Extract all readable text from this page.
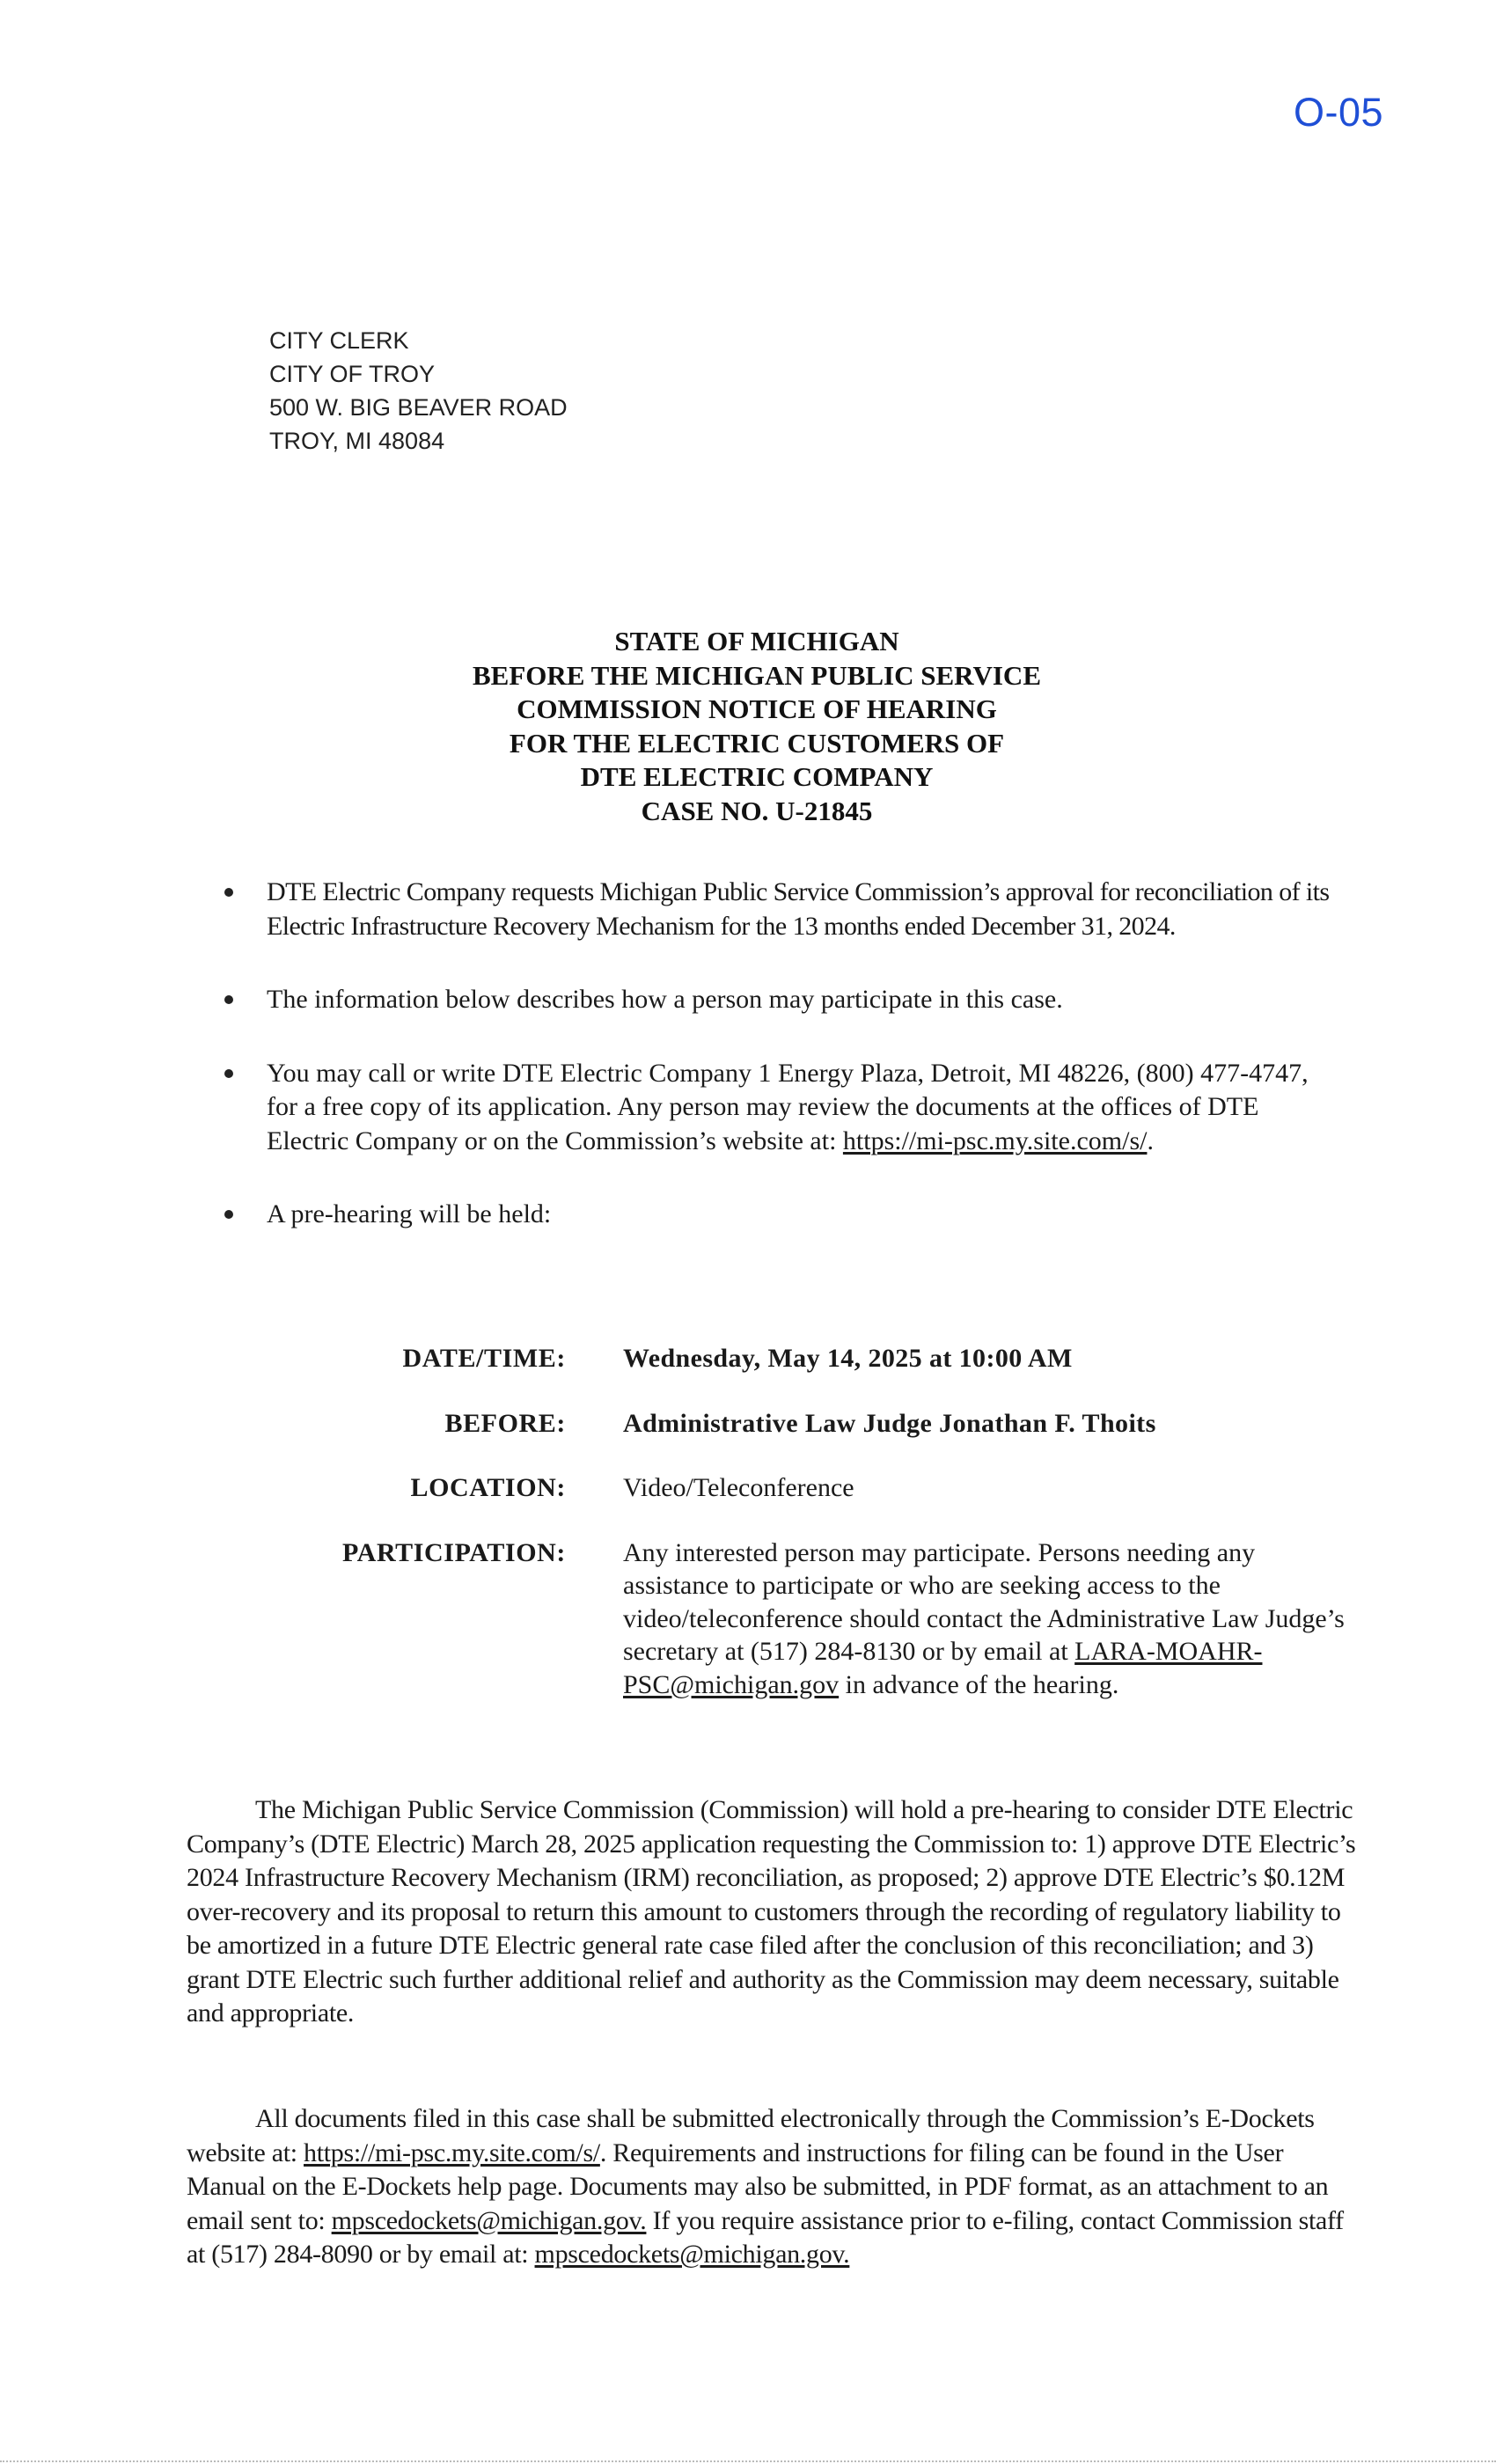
O-05
CITY CLERK
CITY OF TROY
500 W. BIG BEAVER ROAD
TROY, MI 48084
STATE OF MICHIGAN
BEFORE THE MICHIGAN PUBLIC SERVICE
COMMISSION NOTICE OF HEARING
FOR THE ELECTRIC CUSTOMERS OF
DTE ELECTRIC COMPANY
CASE NO. U-21845
DTE Electric Company requests Michigan Public Service Commission’s approval for reconciliation of its Electric Infrastructure Recovery Mechanism for the 13 months ended December 31, 2024.
The information below describes how a person may participate in this case.
You may call or write DTE Electric Company 1 Energy Plaza, Detroit, MI 48226, (800) 477-4747, for a free copy of its application. Any person may review the documents at the offices of DTE Electric Company or on the Commission’s website at: https://mi-psc.my.site.com/s/.
A pre-hearing will be held:
DATE/TIME: Wednesday, May 14, 2025 at 10:00 AM
BEFORE: Administrative Law Judge Jonathan F. Thoits
LOCATION: Video/Teleconference
PARTICIPATION: Any interested person may participate. Persons needing any assistance to participate or who are seeking access to the video/teleconference should contact the Administrative Law Judge’s secretary at (517) 284-8130 or by email at LARA-MOAHR-PSC@michigan.gov in advance of the hearing.
The Michigan Public Service Commission (Commission) will hold a pre-hearing to consider DTE Electric Company’s (DTE Electric) March 28, 2025 application requesting the Commission to: 1) approve DTE Electric’s 2024 Infrastructure Recovery Mechanism (IRM) reconciliation, as proposed; 2) approve DTE Electric’s $0.12M over-recovery and its proposal to return this amount to customers through the recording of regulatory liability to be amortized in a future DTE Electric general rate case filed after the conclusion of this reconciliation; and 3) grant DTE Electric such further additional relief and authority as the Commission may deem necessary, suitable and appropriate.
All documents filed in this case shall be submitted electronically through the Commission’s E-Dockets website at: https://mi-psc.my.site.com/s/. Requirements and instructions for filing can be found in the User Manual on the E-Dockets help page. Documents may also be submitted, in PDF format, as an attachment to an email sent to: mpscedockets@michigan.gov. If you require assistance prior to e-filing, contact Commission staff at (517) 284-8090 or by email at: mpscedockets@michigan.gov.
